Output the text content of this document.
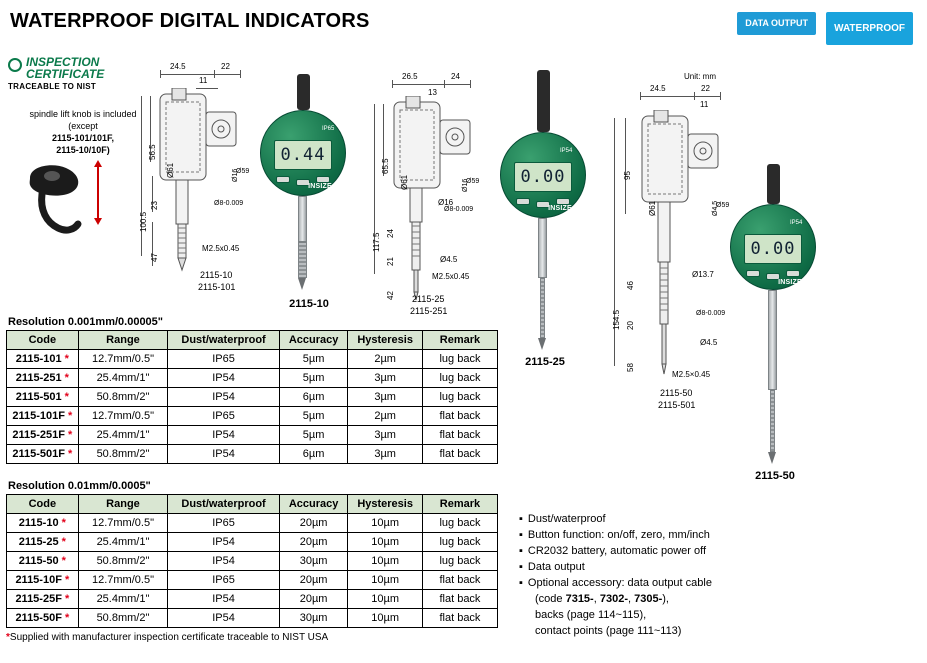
WATERPROOF DIGITAL INDICATORS	DATA OUTPUT	WATERPROOF
INSPECTION
CERTIFICATE
TRACEABLE TO NIST
spindle lift knob is included (except
2115-101/101F,
2115-10/10F)
24.5	22
11
56.5
23
100.5
47
Ø61
Ø8-0.009
Ø59
Ø16
M2.5x0.45
2115-10
2115-101
0.44
INSIZE
IP65
2115-10
26.5	24
13
65.5
117.5 24
21
42
Ø61	Ø59
Ø16
Ø16
Ø4.5
Ø8-0.009
M2.5x0.45
2115-25
2115-251
0.00
INSIZE
IP54
2115-25
Unit: mm
24.5	22
11
95
154.5
46
20
58
Ø61	Ø59
Ø4.5
Ø13.7
Ø8-0.009
Ø4.5
M2.5×0.45
2115-50
2115-501
0.00
INSIZE
IP54
2115-50
Resolution 0.001mm/0.00005"
Code	Range	Dust/waterproof	Accuracy	Hysteresis	Remark
2115-101 *	12.7mm/0.5"	IP65	5µm	2µm	lug back
2115-251 *	25.4mm/1"	IP54	5µm	3µm	lug back
2115-501 *	50.8mm/2"	IP54	6µm	3µm	lug back
2115-101F *	12.7mm/0.5"	IP65	5µm	2µm	flat back
2115-251F *	25.4mm/1"	IP54	5µm	3µm	flat back
2115-501F *	50.8mm/2"	IP54	6µm	3µm	flat back
Resolution 0.01mm/0.0005"
Code	Range	Dust/waterproof	Accuracy	Hysteresis	Remark
2115-10 *	12.7mm/0.5"	IP65	20µm	10µm	lug back
2115-25 *	25.4mm/1"	IP54	20µm	10µm	lug back
2115-50 *	50.8mm/2"	IP54	30µm	10µm	lug back
2115-10F *	12.7mm/0.5"	IP65	20µm	10µm	flat back
2115-25F *	25.4mm/1"	IP54	20µm	10µm	flat back
2115-50F *	50.8mm/2"	IP54	30µm	10µm	flat back
*Supplied with manufacturer inspection certificate traceable to NIST USA
▪ Dust/waterproof
▪ Button function: on/off, zero, mm/inch
▪ CR2032 battery, automatic power off
▪ Data output
▪ Optional accessory: data output cable
(code 7315-, 7302-, 7305-),
backs (page 114~115),
contact points (page 111~113)
